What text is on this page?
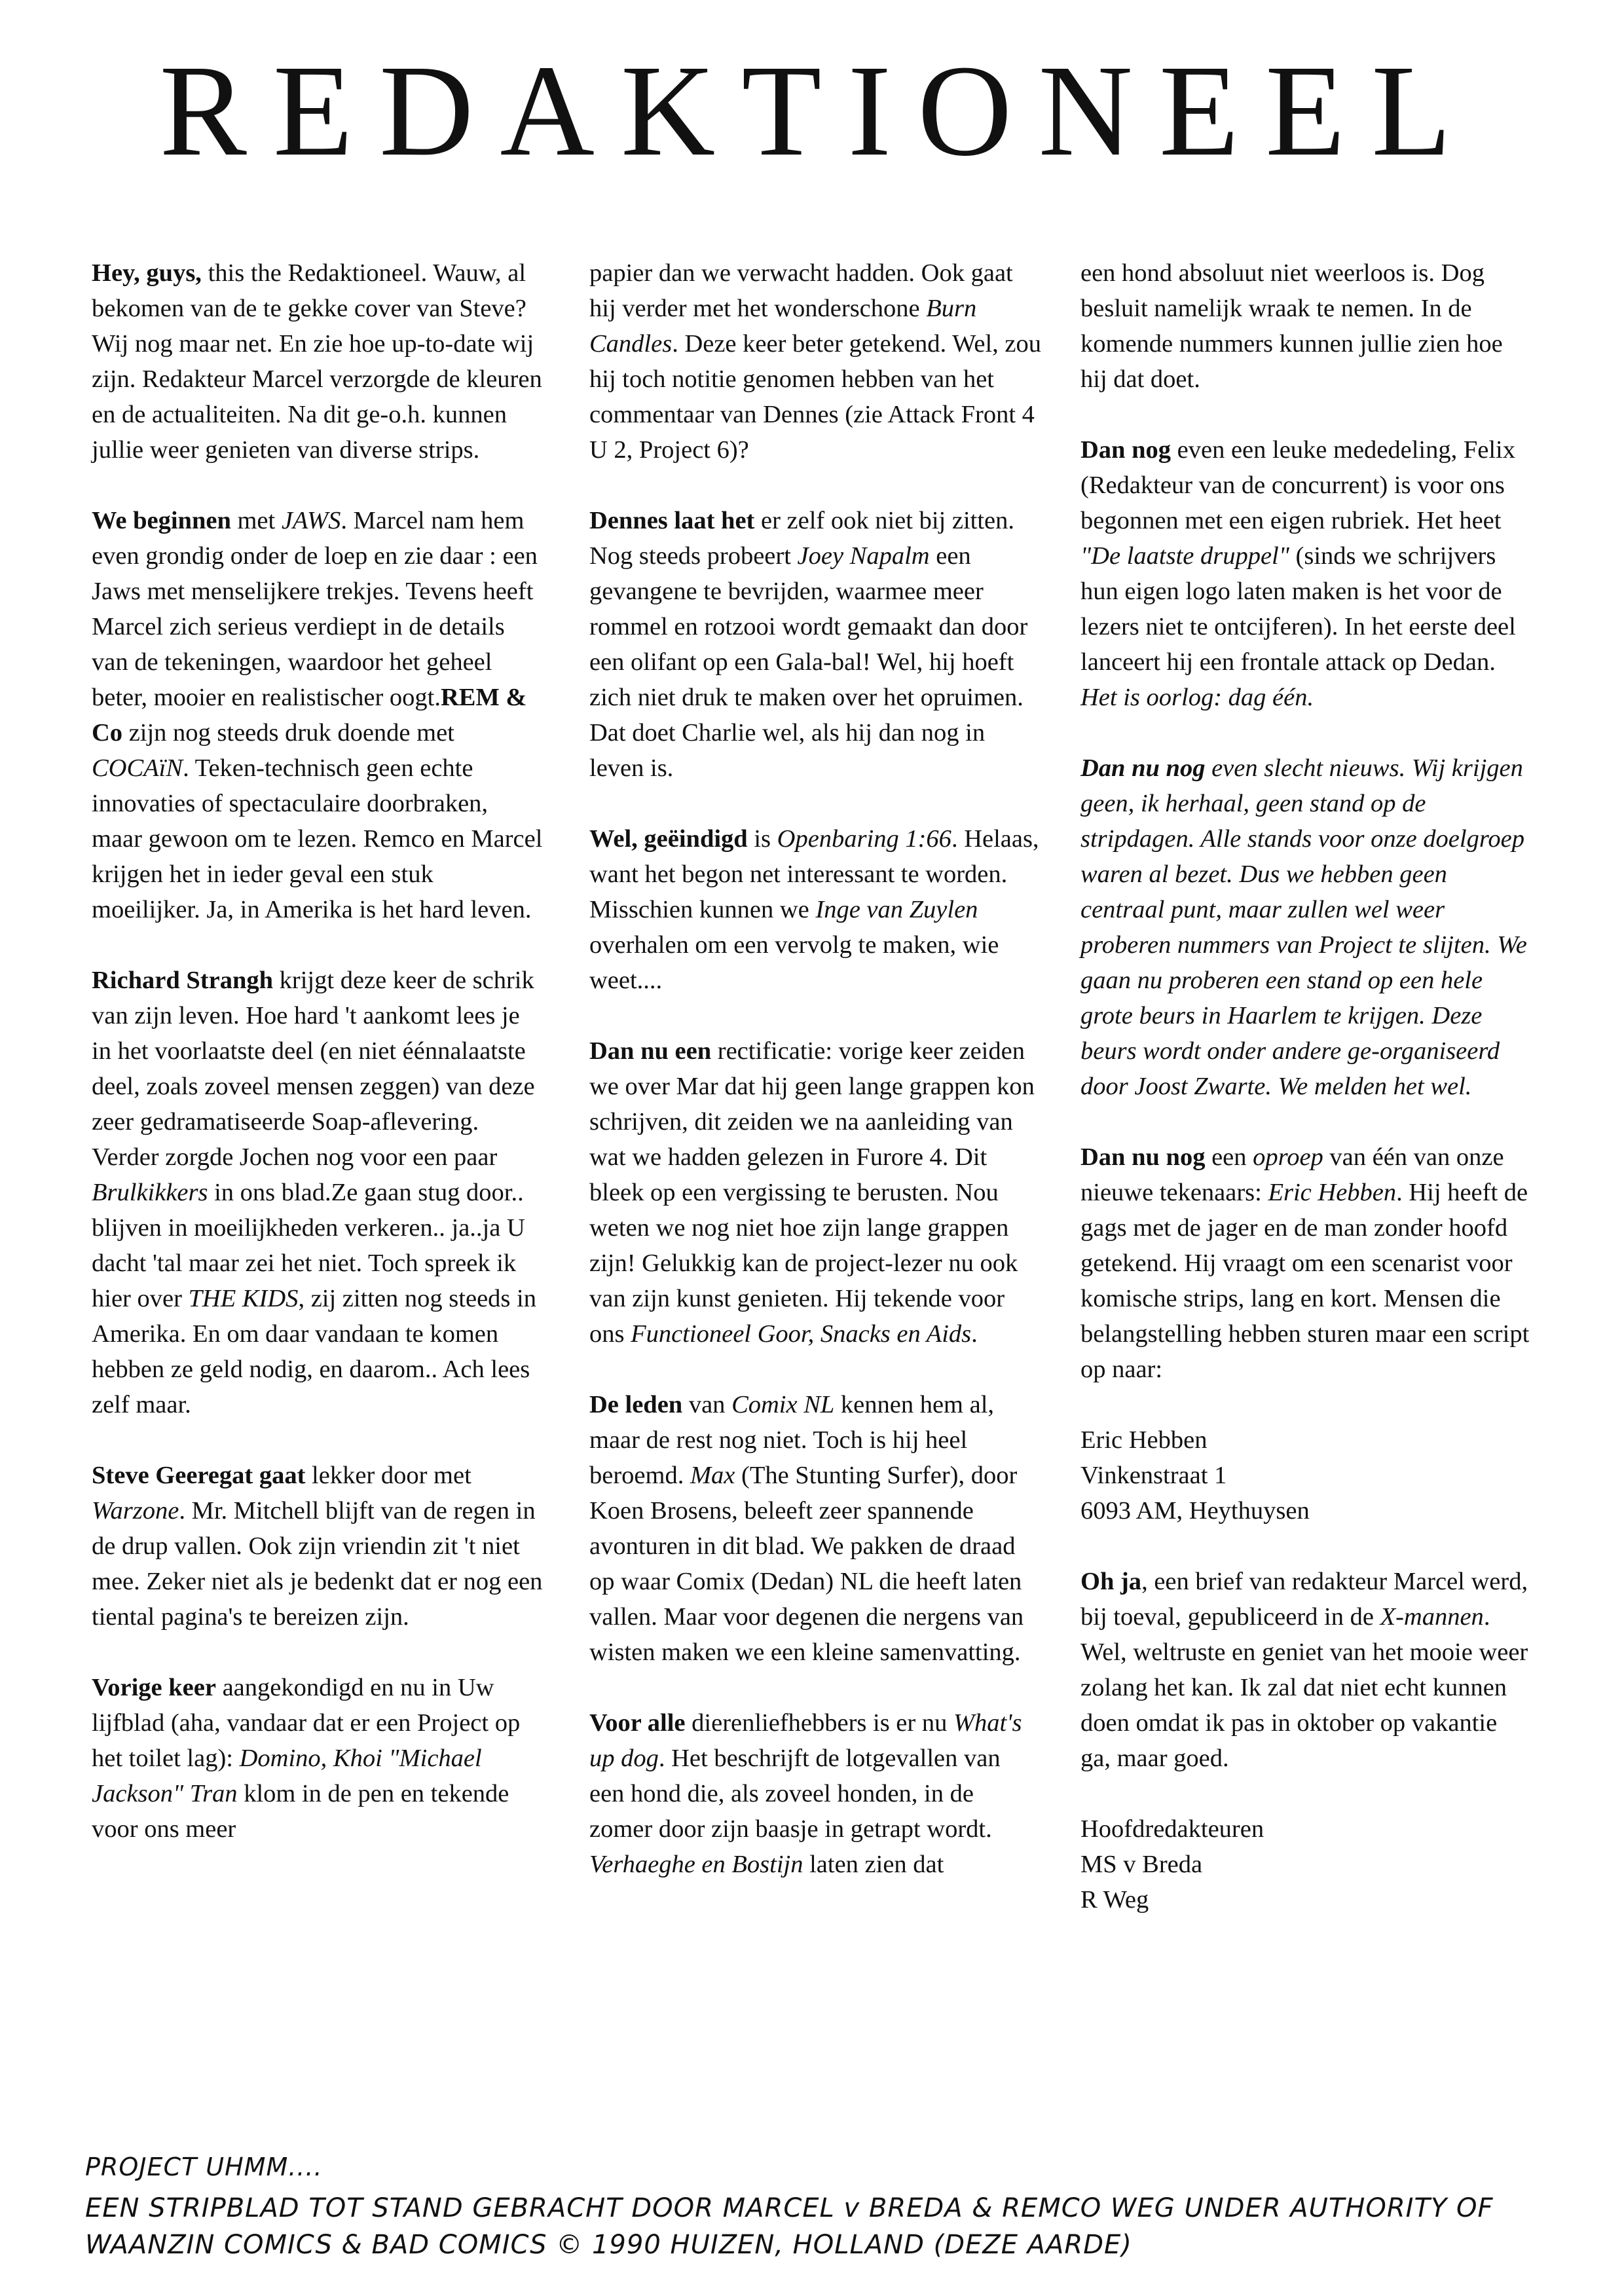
REDAKTIONEEL

Hey, guys, this the Redaktioneel. Wauw, al bekomen van de te gekke cover van Steve? Wij nog maar net. En zie hoe up-to-date wij zijn. Redakteur Marcel verzorgde de kleuren en de actualiteiten. Na dit ge-o.h. kunnen jullie weer genieten van diverse strips.

We beginnen met JAWS. Marcel nam hem even grondig onder de loep en zie daar : een Jaws met menselijkere trekjes. Tevens heeft Marcel zich serieus verdiept in de details van de tekeningen, waardoor het geheel beter, mooier en realistischer oogt.REM & Co zijn nog steeds druk doende met COCAïN. Teken-technisch geen echte innovaties of spectaculaire doorbraken, maar gewoon om te lezen. Remco en Marcel krijgen het in ieder geval een stuk moeilijker. Ja, in Amerika is het hard leven.

Richard Strangh krijgt deze keer de schrik van zijn leven. Hoe hard 't aankomt lees je in het voorlaatste deel (en niet éénnalaatste deel, zoals zoveel mensen zeggen) van deze zeer gedramatiseerde Soap-aflevering. Verder zorgde Jochen nog voor een paar Brulkikkers in ons blad.Ze gaan stug door.. blijven in moeilijkheden verkeren.. ja..ja U dacht 'tal maar zei het niet. Toch spreek ik hier over THE KIDS, zij zitten nog steeds in Amerika. En om daar vandaan te komen hebben ze geld nodig, en daarom.. Ach lees zelf maar.

Steve Geeregat gaat lekker door met Warzone. Mr. Mitchell blijft van de regen in de drup vallen. Ook zijn vriendin zit 't niet mee. Zeker niet als je bedenkt dat er nog een tiental pagina's te bereizen zijn.

Vorige keer aangekondigd en nu in Uw lijfblad (aha, vandaar dat er een Project op het toilet lag): Domino, Khoi "Michael Jackson" Tran klom in de pen en tekende voor ons meer

papier dan we verwacht hadden. Ook gaat hij verder met het wonderschone Burn Candles. Deze keer beter getekend. Wel, zou hij toch notitie genomen hebben van het commentaar van Dennes (zie Attack Front 4 U 2, Project 6)?

Dennes laat het er zelf ook niet bij zitten. Nog steeds probeert Joey Napalm een gevangene te bevrijden, waarmee meer rommel en rotzooi wordt gemaakt dan door een olifant op een Gala-bal! Wel, hij hoeft zich niet druk te maken over het opruimen. Dat doet Charlie wel, als hij dan nog in leven is.

Wel, geëindigd is Openbaring 1:66. Helaas, want het begon net interessant te worden. Misschien kunnen we Inge van Zuylen overhalen om een vervolg te maken, wie weet....

Dan nu een rectificatie: vorige keer zeiden we over Mar dat hij geen lange grappen kon schrijven, dit zeiden we na aanleiding van wat we hadden gelezen in Furore 4. Dit bleek op een vergissing te berusten. Nou weten we nog niet hoe zijn lange grappen zijn! Gelukkig kan de project-lezer nu ook van zijn kunst genieten. Hij tekende voor ons Functioneel Goor, Snacks en Aids.

De leden van Comix NL kennen hem al, maar de rest nog niet. Toch is hij heel beroemd. Max (The Stunting Surfer), door Koen Brosens, beleeft zeer spannende avonturen in dit blad. We pakken de draad op waar Comix (Dedan) NL die heeft laten vallen. Maar voor degenen die nergens van wisten maken we een kleine samenvatting.

Voor alle dierenliefhebbers is er nu What's up dog. Het beschrijft de lotgevallen van een hond die, als zoveel honden, in de zomer door zijn baasje in getrapt wordt. Verhaeghe en Bostijn laten zien dat

een hond absoluut niet weerloos is. Dog besluit namelijk wraak te nemen. In de komende nummers kunnen jullie zien hoe hij dat doet.

Dan nog even een leuke mededeling, Felix (Redakteur van de concurrent) is voor ons begonnen met een eigen rubriek. Het heet "De laatste druppel" (sinds we schrijvers hun eigen logo laten maken is het voor de lezers niet te ontcijferen). In het eerste deel lanceert hij een frontale attack op Dedan. Het is oorlog: dag één.

Dan nu nog even slecht nieuws. Wij krijgen geen, ik herhaal, geen stand op de stripdagen. Alle stands voor onze doelgroep waren al bezet. Dus we hebben geen centraal punt, maar zullen wel weer proberen nummers van Project te slijten. We gaan nu proberen een stand op een hele grote beurs in Haarlem te krijgen. Deze beurs wordt onder andere ge-organiseerd door Joost Zwarte. We melden het wel.

Dan nu nog een oproep van één van onze nieuwe tekenaars: Eric Hebben. Hij heeft de gags met de jager en de man zonder hoofd getekend. Hij vraagt om een scenarist voor komische strips, lang en kort. Mensen die belangstelling hebben sturen maar een script op naar:

Eric Hebben
Vinkenstraat 1
6093 AM, Heythuysen

Oh ja, een brief van redakteur Marcel werd, bij toeval, gepubliceerd in de X-mannen. Wel, weltruste en geniet van het mooie weer zolang het kan. Ik zal dat niet echt kunnen doen omdat ik pas in oktober op vakantie ga, maar goed.

Hoofdredakteuren
MS v Breda
R Weg

PROJECT UHMM....
EEN STRIPBLAD TOT STAND GEBRACHT DOOR MARCEL v BREDA & REMCO WEG UNDER AUTHORITY OF
WAANZIN COMICS & BAD COMICS © 1990 HUIZEN, HOLLAND (DEZE AARDE)
